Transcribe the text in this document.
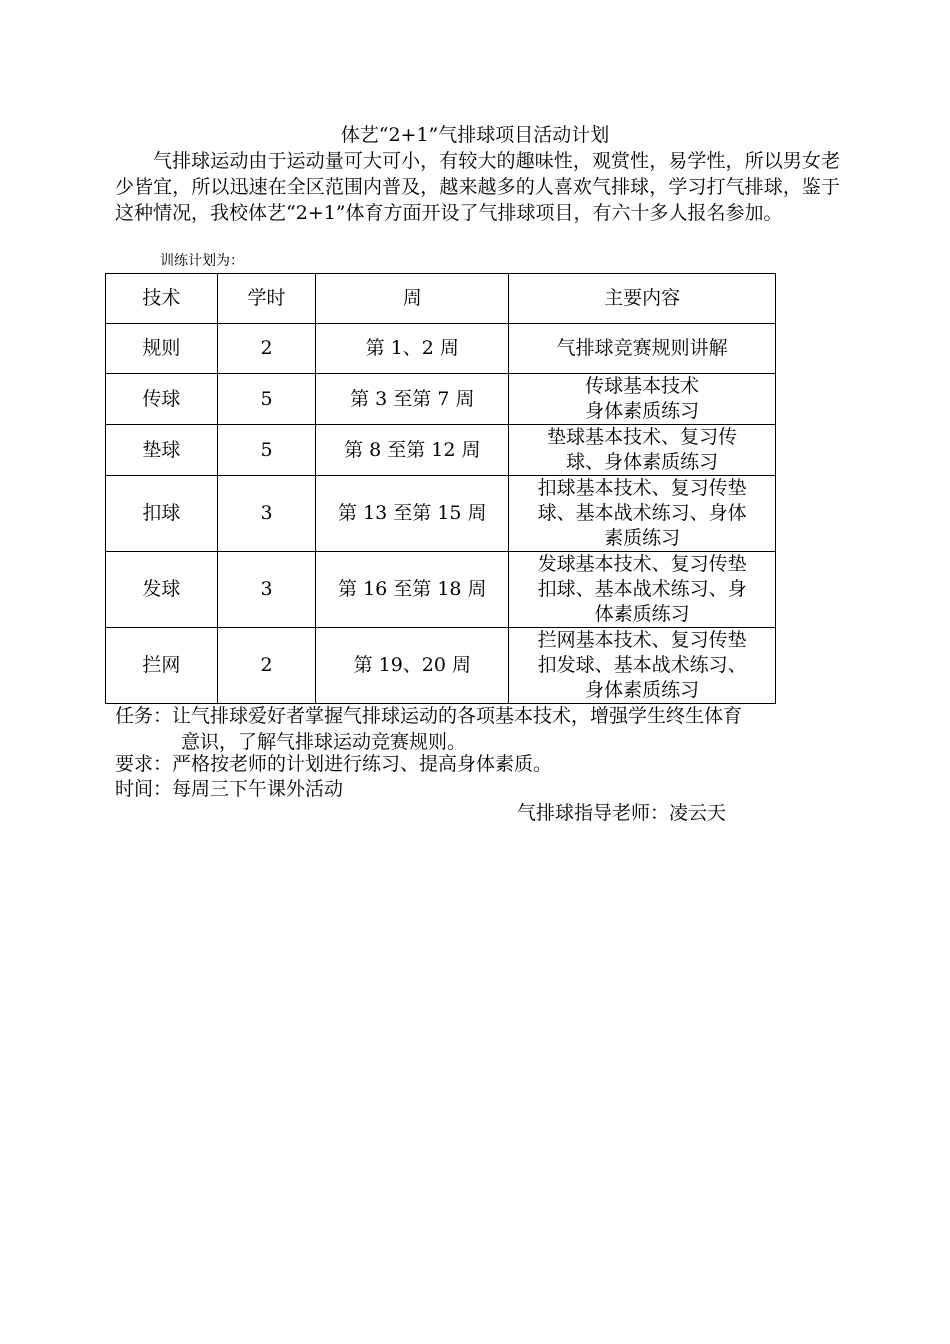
体艺“2+1”气排球项目活动计划

气排球运动由于运动量可大可小，有较大的趣味性，观赏性，易学性，所以男女老少皆宜，所以迅速在全区范围内普及，越来越多的人喜欢气排球，学习打气排球，鉴于这种情况，我校体艺“2+1”体育方面开设了气排球项目，有六十多人报名参加。

训练计划为：
技术	学时	周	主要内容
规则	2	第 1、2 周	气排球竞赛规则讲解

传球	5	第 3 至第 7 周	传球基本技术
身体素质练习

垫球	5	第 8 至第 12 周	垫球基本技术、复习传
球、身体素质练习

扣球	3	第 13 至第 15 周	扣球基本技术、复习传垫
球、基本战术练习、身体
素质练习

发球	3	第 16 至第 18 周	发球基本技术、复习传垫
扣球、基本战术练习、身
体素质练习

拦网	2	第 19、20 周	拦网基本技术、复习传垫
扣发球、基本战术练习、
身体素质练习
任务：让气排球爱好者掌握气排球运动的各项基本技术，增强学生终生体育
意识，了解气排球运动竞赛规则。
要求：严格按老师的计划进行练习、提高身体素质。
时间：每周三下午课外活动
气排球指导老师：凌云天
